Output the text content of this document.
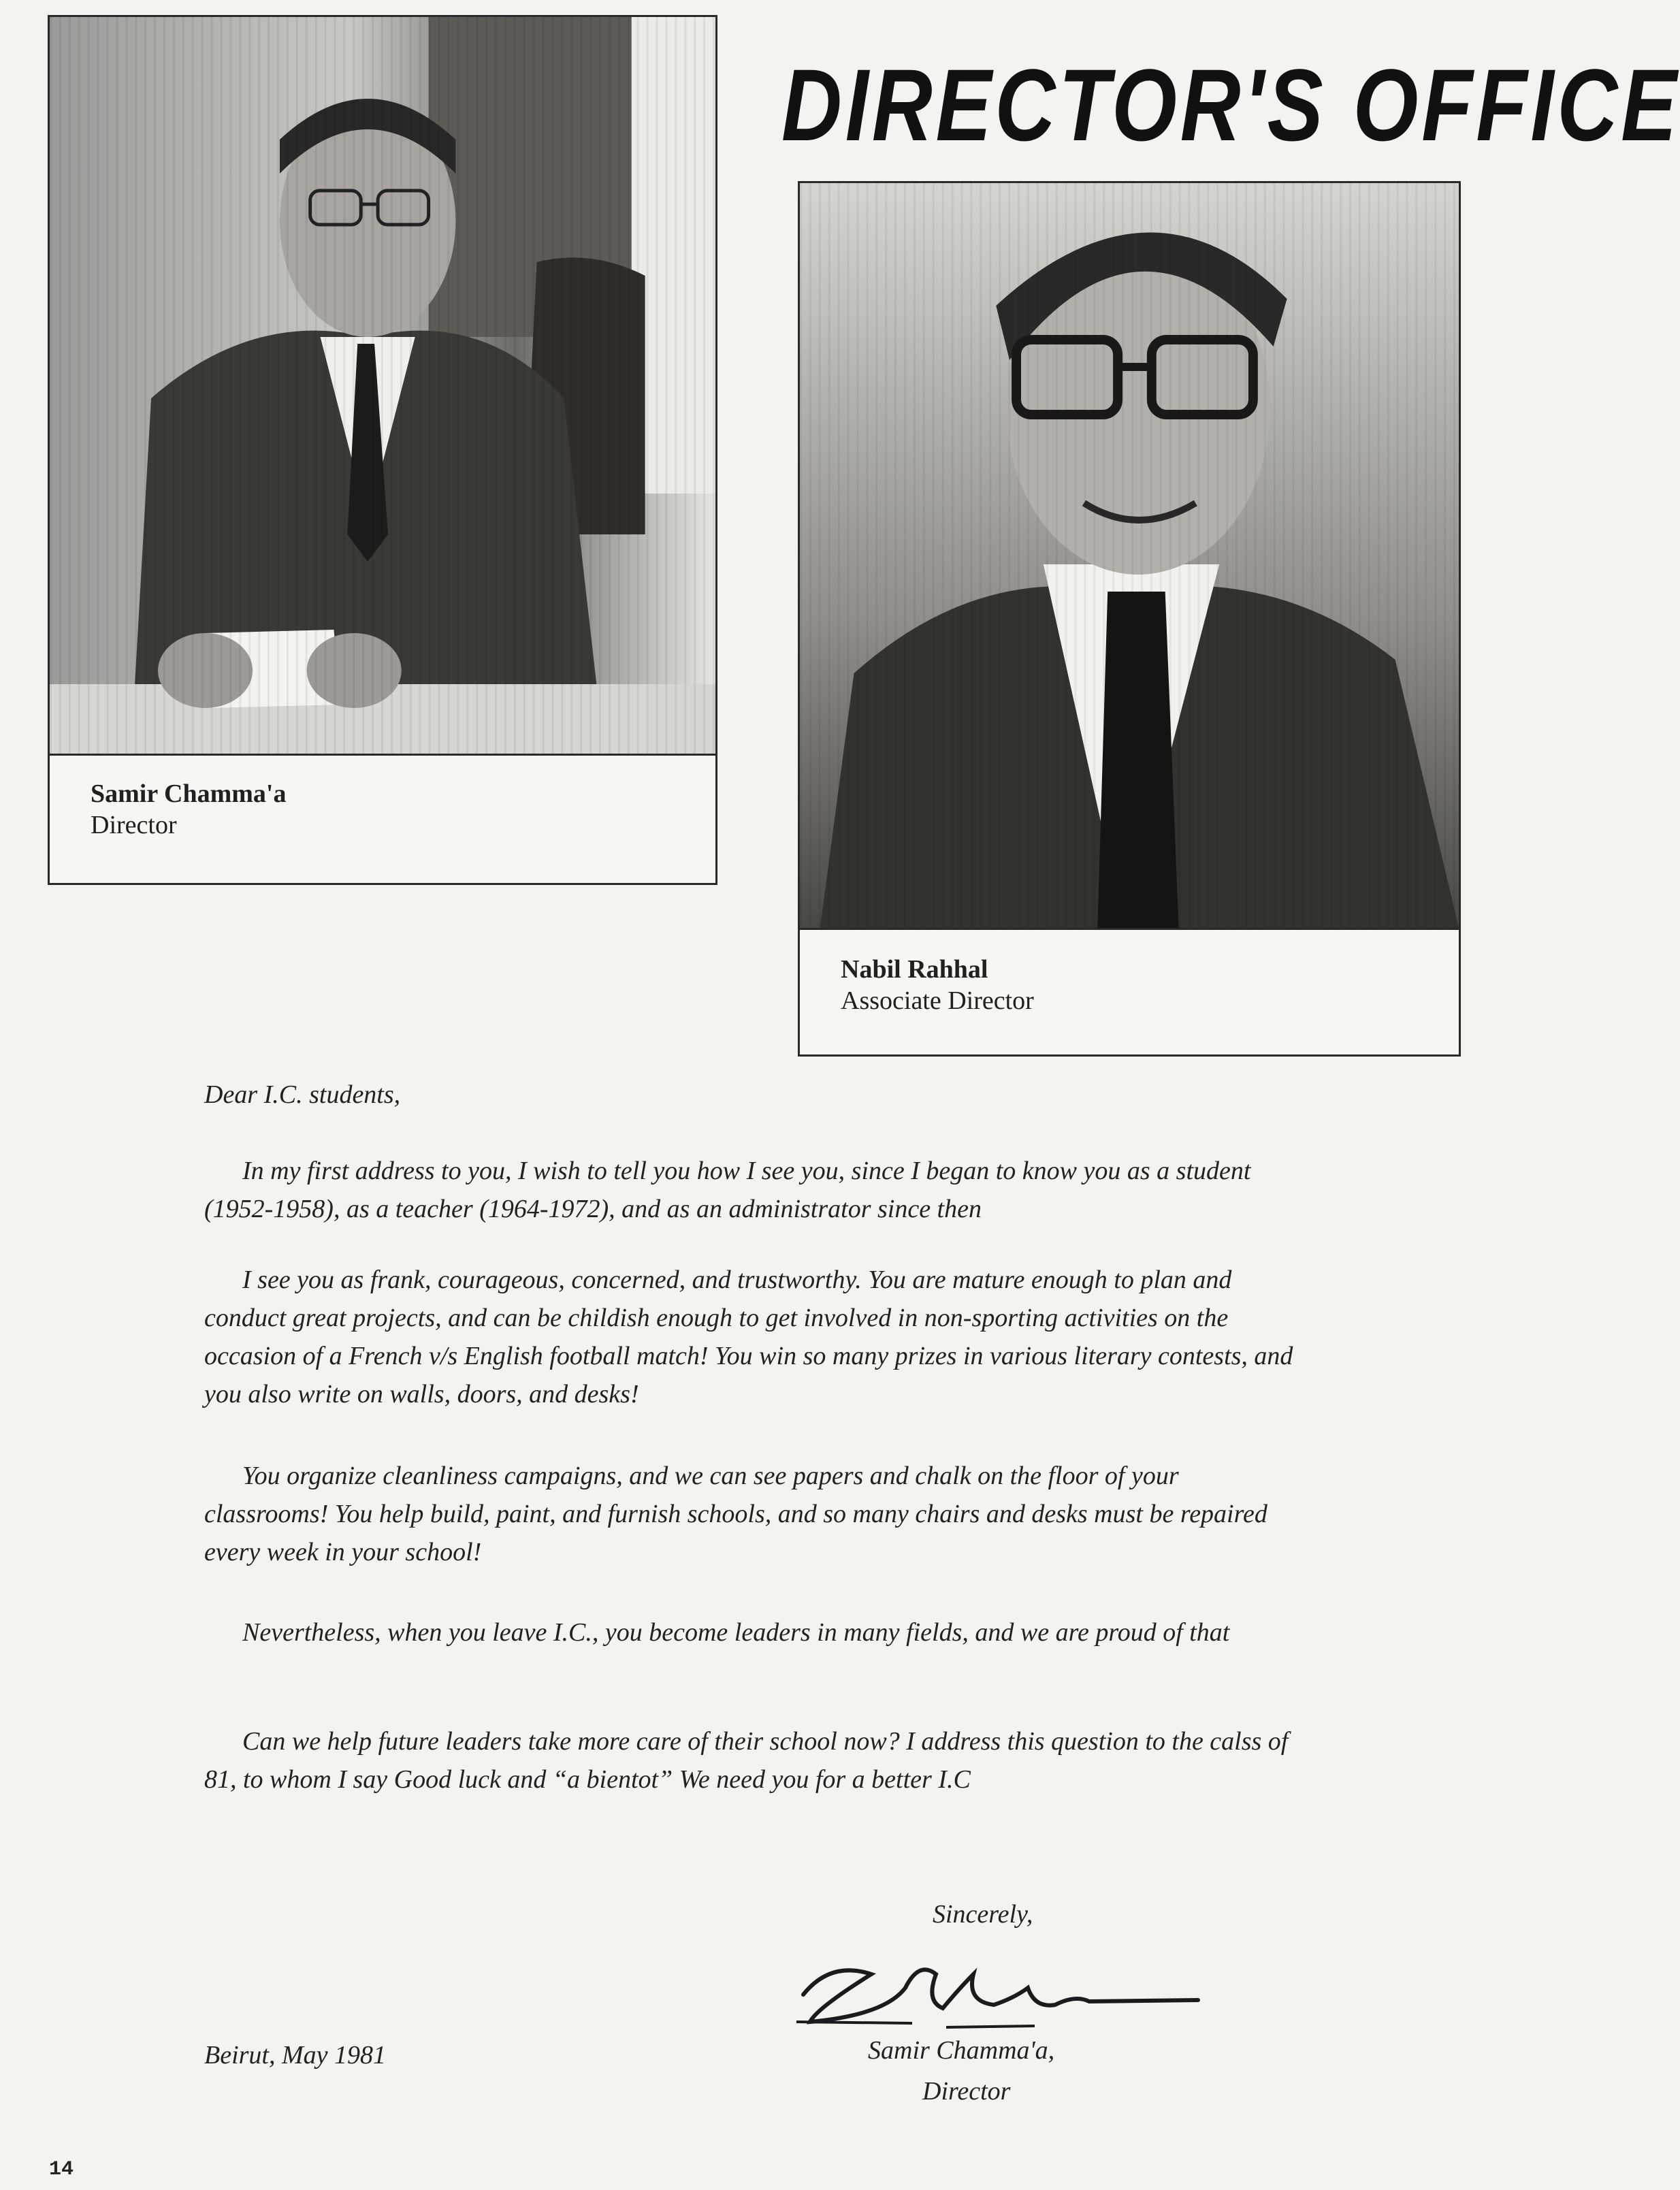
DIRECTOR'S OFFICE
Samir Chamma'a
Director
Nabil Rahhal
Associate Director
Dear I.C. students,

In my first address to you, I wish to tell you how I see you, since I began to know you as a student (1952-1958), as a teacher (1964-1972), and as an administrator since then

I see you as frank, courageous, concerned, and trustworthy. You are mature enough to plan and conduct great projects, and can be childish enough to get involved in non-sporting activities on the occasion of a French v/s English football match! You win so many prizes in various literary contests, and you also write on walls, doors, and desks!

You organize cleanliness campaigns, and we can see papers and chalk on the floor of your classrooms! You help build, paint, and furnish schools, and so many chairs and desks must be repaired every week in your school!

Nevertheless, when you leave I.C., you become leaders in many fields, and we are proud of that

Can we help future leaders take more care of their school now? I address this question to the calss of 81, to whom I say Good luck and “a bientot” We need you for a better I.C

Sincerely,
Samir Chamma'a,
Director
Beirut, May 1981
14
